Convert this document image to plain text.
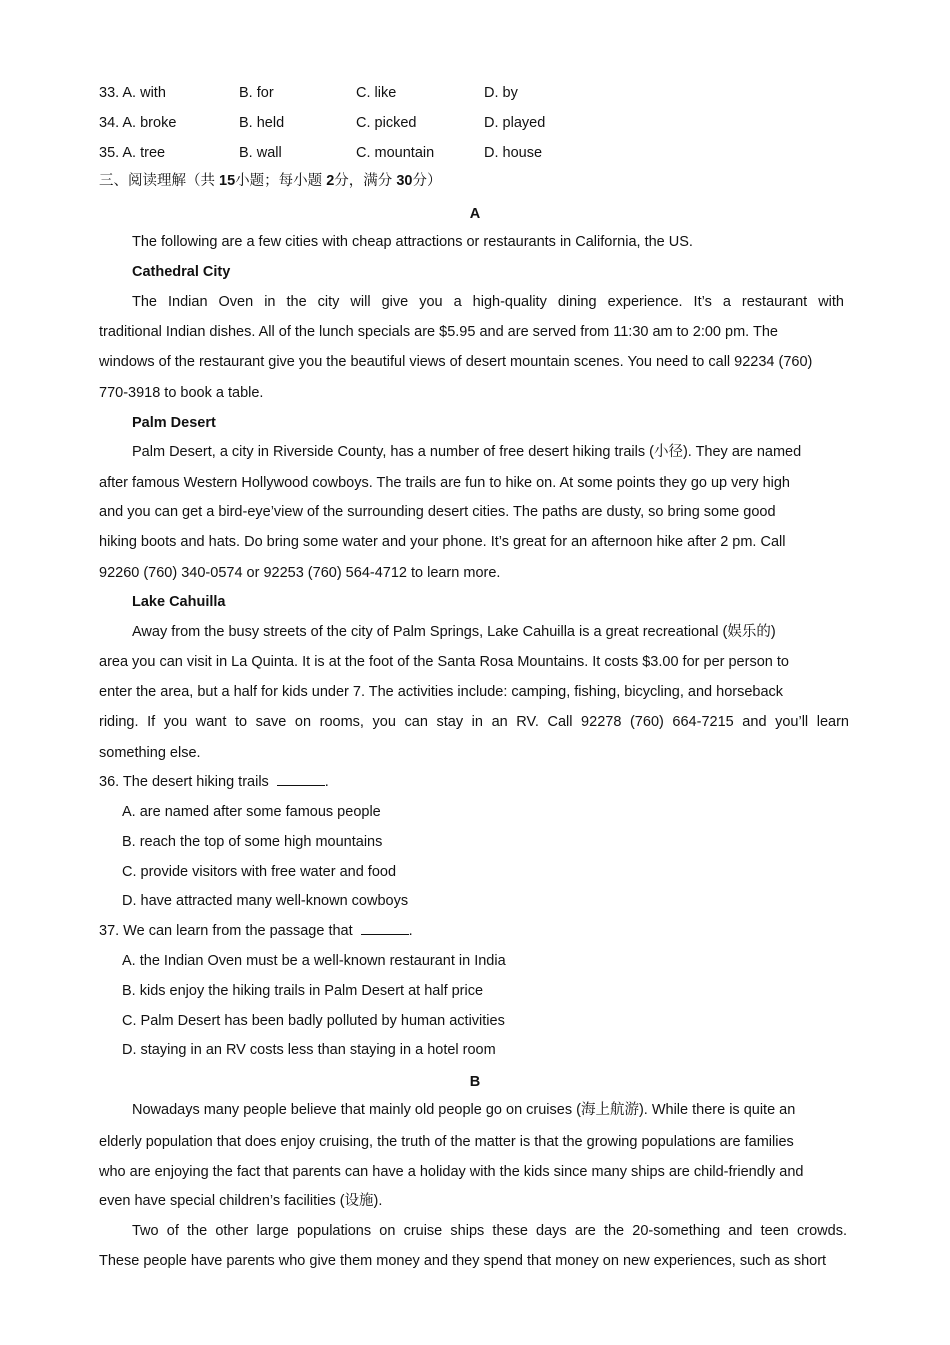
33. A. with	B. for	C. like	D. by
34. A. broke	B. held	C. picked	D. played
35. A. tree	B. wall	C. mountain	D. house
三、阅读理解（共 15小题；每小题 2分，满分 30分）
A
The following are a few cities with cheap attractions or restaurants in California, the US.
Cathedral City
The Indian Oven in the city will give you a high-quality dining experience. It’s a restaurant with
traditional Indian dishes. All of the lunch specials are $5.95 and are served from 11:30 am to 2:00 pm. The
windows of the restaurant give you the beautiful views of desert mountain scenes. You need to call 92234 (760)
770-3918 to book a table.
Palm Desert
Palm Desert, a city in Riverside County, has a number of free desert hiking trails (小径). They are named
after famous Western Hollywood cowboys. The trails are fun to hike on. At some points they go up very high
and you can get a bird-eye’view of the surrounding desert cities. The paths are dusty, so bring some good
hiking boots and hats. Do bring some water and your phone. It’s great for an afternoon hike after 2 pm. Call
92260 (760) 340-0574 or 92253 (760) 564-4712 to learn more.
Lake Cahuilla
Away from the busy streets of the city of Palm Springs, Lake Cahuilla is a great recreational (娱乐的)
area you can visit in La Quinta. It is at the foot of the Santa Rosa Mountains. It costs $3.00 for per person to
enter the area, but a half for kids under 7. The activities include: camping, fishing, bicycling, and horseback
riding. If you want to save on rooms, you can stay in an RV. Call 92278 (760) 664-7215 and you’ll learn
something else.
36. The desert hiking trails	.
A. are named after some famous people
B. reach the top of some high mountains
C. provide visitors with free water and food
D. have attracted many well-known cowboys
37. We can learn from the passage that	.
A. the Indian Oven must be a well-known restaurant in India
B. kids enjoy the hiking trails in Palm Desert at half price
C. Palm Desert has been badly polluted by human activities
D. staying in an RV costs less than staying in a hotel room
B
Nowadays many people believe that mainly old people go on cruises (海上航游). While there is quite an
elderly population that does enjoy cruising, the truth of the matter is that the growing populations are families
who are enjoying the fact that parents can have a holiday with the kids since many ships are child-friendly and
even have special children’s facilities (设施).
Two of the other large populations on cruise ships these days are the 20-something and teen crowds.
These people have parents who give them money and they spend that money on new experiences, such as short
